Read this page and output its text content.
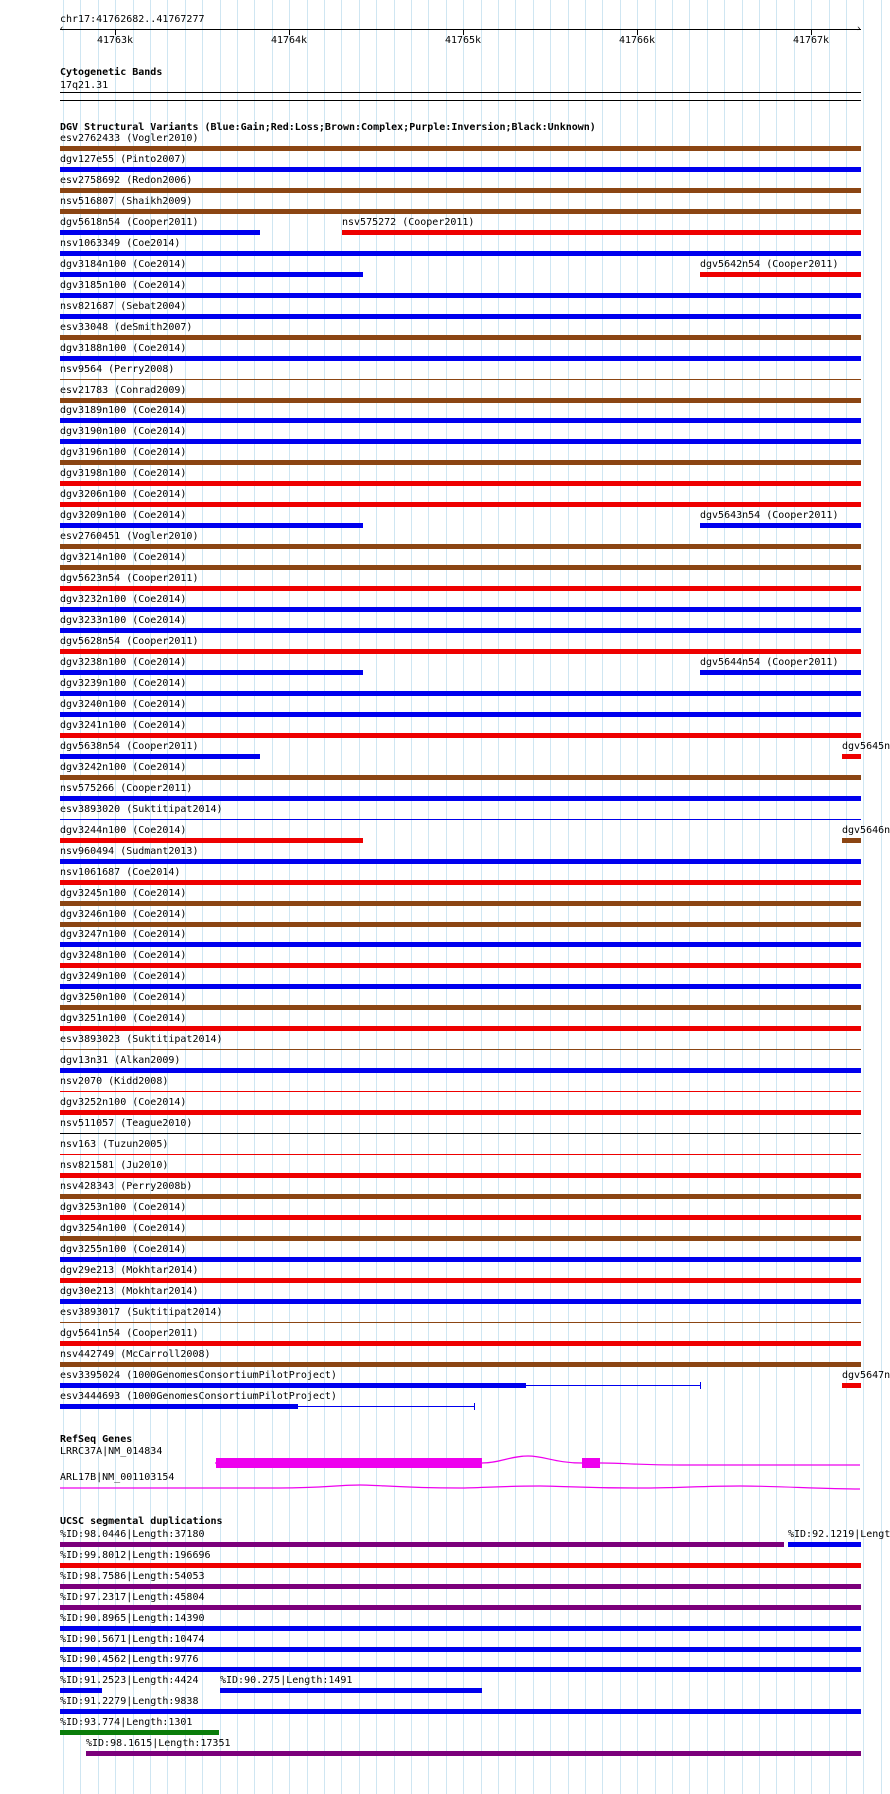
chr17:41762682..41767277
‹	›
41763k	41764k	41765k	41766k	41767k
Cytogenetic Bands
17q21.31
DGV Structural Variants (Blue:Gain;Red:Loss;Brown:Complex;Purple:Inversion;Black:Unknown)
esv2762433 (Vogler2010)
dgv127e55 (Pinto2007)
esv2758692 (Redon2006)
nsv516807 (Shaikh2009)
dgv5618n54 (Cooper2011)	nsv575272 (Cooper2011)
nsv1063349 (Coe2014)
dgv3184n100 (Coe2014)	dgv5642n54 (Cooper2011)
dgv3185n100 (Coe2014)
nsv821687 (Sebat2004)
esv33048 (deSmith2007)
dgv3188n100 (Coe2014)
nsv9564 (Perry2008)
esv21783 (Conrad2009)
dgv3189n100 (Coe2014)
dgv3190n100 (Coe2014)
dgv3196n100 (Coe2014)
dgv3198n100 (Coe2014)
dgv3206n100 (Coe2014)
dgv3209n100 (Coe2014)	dgv5643n54 (Cooper2011)
esv2760451 (Vogler2010)
dgv3214n100 (Coe2014)
dgv5623n54 (Cooper2011)
dgv3232n100 (Coe2014)
dgv3233n100 (Coe2014)
dgv5628n54 (Cooper2011)
dgv3238n100 (Coe2014)	dgv5644n54 (Cooper2011)
dgv3239n100 (Coe2014)
dgv3240n100 (Coe2014)
dgv3241n100 (Coe2014)
dgv5638n54 (Cooper2011)	dgv5645n
dgv3242n100 (Coe2014)
nsv575266 (Cooper2011)
esv3893020 (Suktitipat2014)
dgv3244n100 (Coe2014)	dgv5646n
nsv960494 (Sudmant2013)
nsv1061687 (Coe2014)
dgv3245n100 (Coe2014)
dgv3246n100 (Coe2014)
dgv3247n100 (Coe2014)
dgv3248n100 (Coe2014)
dgv3249n100 (Coe2014)
dgv3250n100 (Coe2014)
dgv3251n100 (Coe2014)
esv3893023 (Suktitipat2014)
dgv13n31 (Alkan2009)
nsv2070 (Kidd2008)
dgv3252n100 (Coe2014)
nsv511057 (Teague2010)
nsv163 (Tuzun2005)
nsv821581 (Ju2010)
nsv428343 (Perry2008b)
dgv3253n100 (Coe2014)
dgv3254n100 (Coe2014)
dgv3255n100 (Coe2014)
dgv29e213 (Mokhtar2014)
dgv30e213 (Mokhtar2014)
esv3893017 (Suktitipat2014)
dgv5641n54 (Cooper2011)
nsv442749 (McCarroll2008)
esv3395024 (1000GenomesConsortiumPilotProject)	dgv5647n
esv3444693 (1000GenomesConsortiumPilotProject)
RefSeq Genes
LRRC37A|NM_014834
ARL17B|NM_001103154
UCSC segmental duplications
%ID:98.0446|Length:37180	%ID:92.1219|Lengt
%ID:99.8012|Length:196696
%ID:98.7586|Length:54053
%ID:97.2317|Length:45804
%ID:90.8965|Length:14390
%ID:90.5671|Length:10474
%ID:90.4562|Length:9776
%ID:91.2523|Length:4424 %ID:90.275|Length:1491
%ID:91.2279|Length:9838
%ID:93.774|Length:1301
%ID:98.1615|Length:17351
